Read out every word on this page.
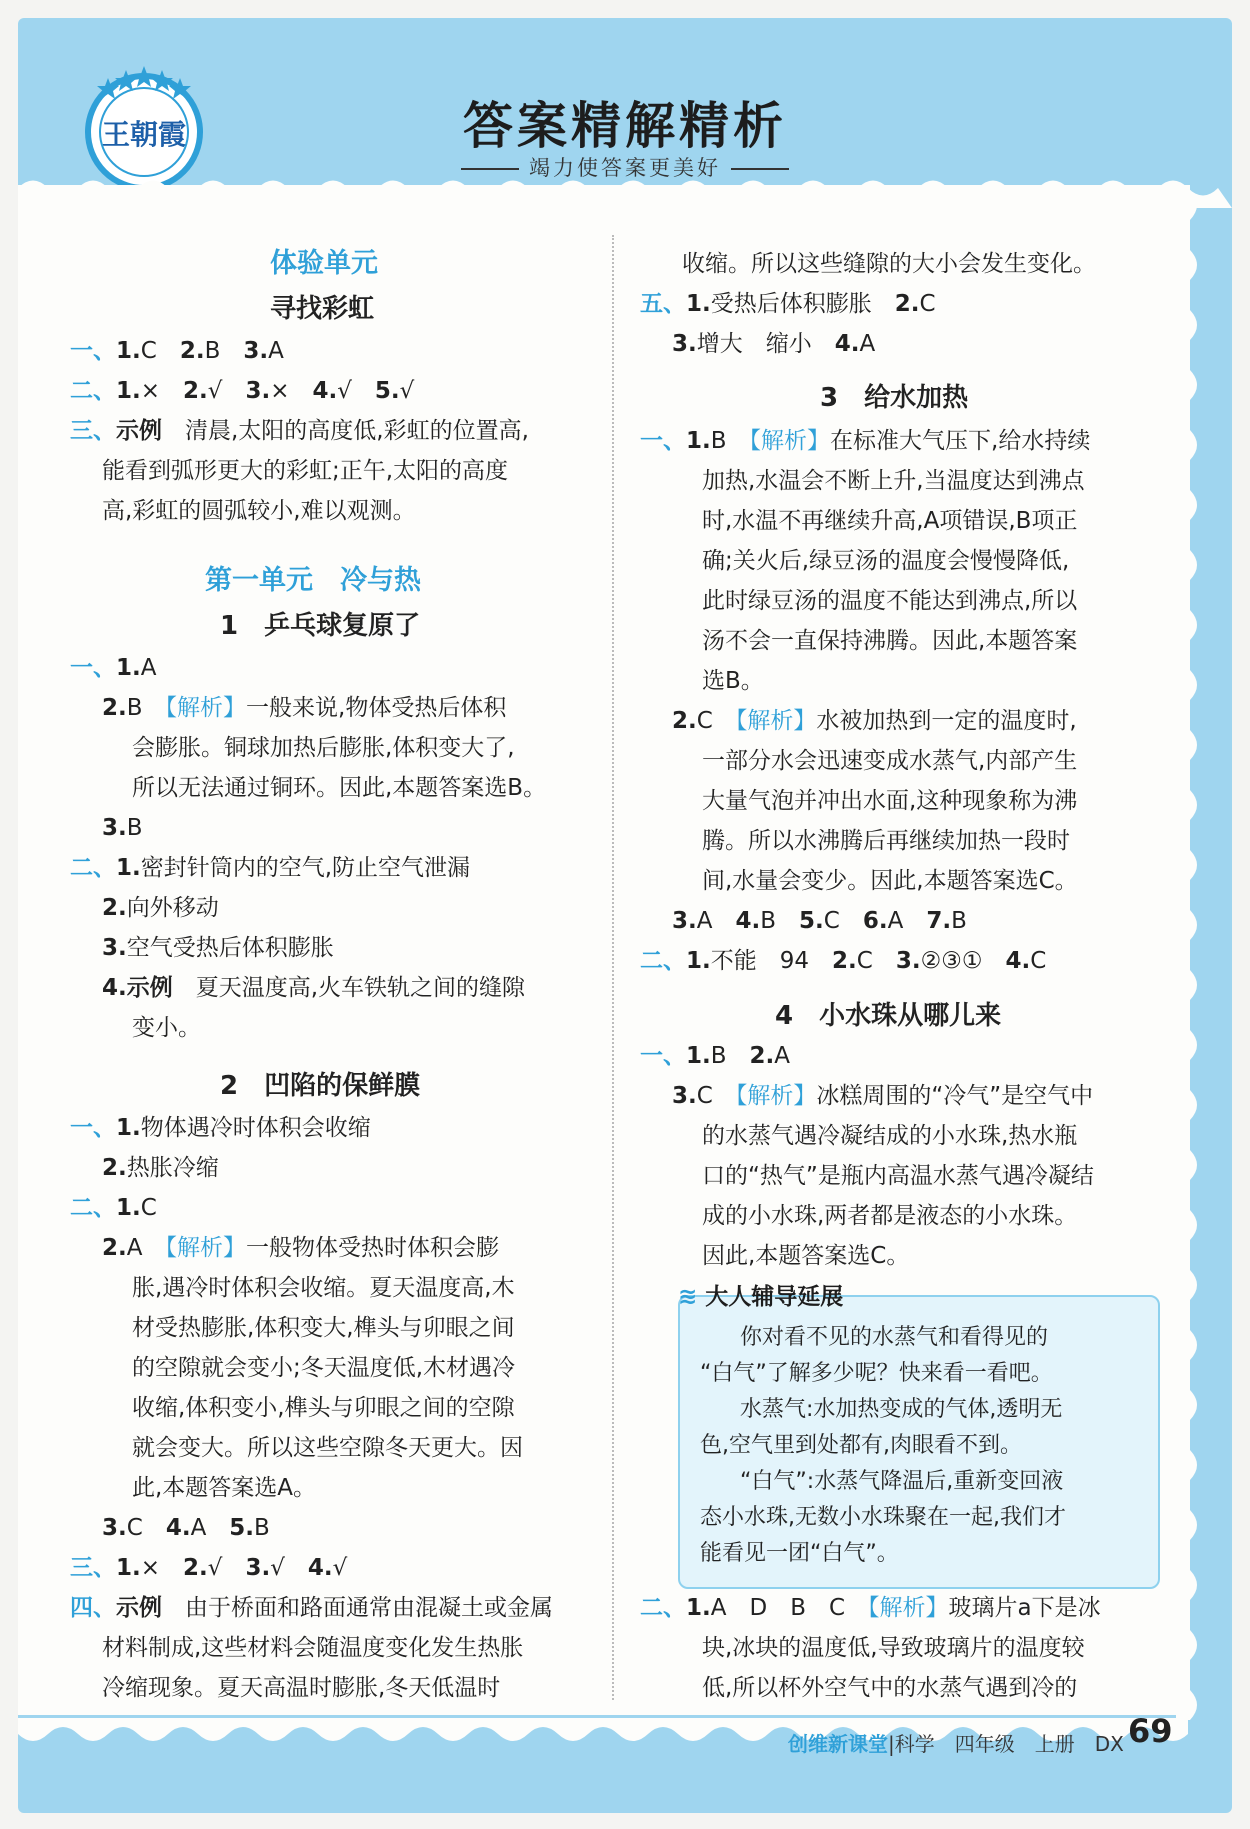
王朝霞	答案精解精析
竭力使答案更美好
体验单元
寻找彩虹
一、1.C　 2.B　 3.A
二、1.×　 2.√　 3.×　 4.√　 5.√
三、示例　 清晨,太阳的高度低,彩虹的位置高,
能看到弧形更大的彩虹;正午,太阳的高度
高,彩虹的圆弧较小,难以观测。
第一单元　冷与热
1　乒乓球复原了
一、1.A
2.B　 【解析】一般来说,物体受热后体积
会膨胀。铜球加热后膨胀,体积变大了,
所以无法通过铜环。因此,本题答案选B。
3.B
二、1.密封针筒内的空气,防止空气泄漏
2.向外移动
3.空气受热后体积膨胀
4.示例　 夏天温度高,火车铁轨之间的缝隙
变小。
2　凹陷的保鲜膜
一、1.物体遇冷时体积会收缩
2.热胀冷缩
二、1.C
2.A　 【解析】一般物体受热时体积会膨
胀,遇冷时体积会收缩。夏天温度高,木
材受热膨胀,体积变大,榫头与卯眼之间
的空隙就会变小;冬天温度低,木材遇冷
收缩,体积变小,榫头与卯眼之间的空隙
就会变大。所以这些空隙冬天更大。因
此,本题答案选A。
3.C　 4.A　 5.B
三、1.×　 2.√　 3.√　 4.√
四、示例　 由于桥面和路面通常由混凝土或金属
材料制成,这些材料会随温度变化发生热胀
冷缩现象。夏天高温时膨胀,冬天低温时
收缩。所以这些缝隙的大小会发生变化。
五、1.受热后体积膨胀　 2.C
3.增大　缩小　 4.A
3　给水加热
一、1.B　 【解析】在标准大气压下,给水持续
加热,水温会不断上升,当温度达到沸点
时,水温不再继续升高,A项错误,B项正
确;关火后,绿豆汤的温度会慢慢降低,
此时绿豆汤的温度不能达到沸点,所以
汤不会一直保持沸腾。因此,本题答案
选B。
2.C　 【解析】水被加热到一定的温度时,
一部分水会迅速变成水蒸气,内部产生
大量气泡并冲出水面,这种现象称为沸
腾。所以水沸腾后再继续加热一段时
间,水量会变少。因此,本题答案选C。
3.A　 4.B　 5.C　 6.A　 7.B
二、1.不能　94　 2.C　 3.②③①　 4.C
4　小水珠从哪儿来
一、1.B　 2.A
3.C　 【解析】冰糕周围的“冷气”是空气中
的水蒸气遇冷凝结成的小水珠,热水瓶
口的“热气”是瓶内高温水蒸气遇冷凝结
成的小水珠,两者都是液态的小水珠。
因此,本题答案选C。
≋ 大人辅导延展
你对看不见的水蒸气和看得见的
“白气”了解多少呢？快来看一看吧。
水蒸气:水加热变成的气体,透明无
色,空气里到处都有,肉眼看不到。
“白气”:水蒸气降温后,重新变回液
态小水珠,无数小水珠聚在一起,我们才
能看见一团“白气”。
二、1.A　D　B　C　 【解析】玻璃片a下是冰
块,冰块的温度低,导致玻璃片的温度较
低,所以杯外空气中的水蒸气遇到冷的
创维新课堂|科学　四年级　上册　DX 69
